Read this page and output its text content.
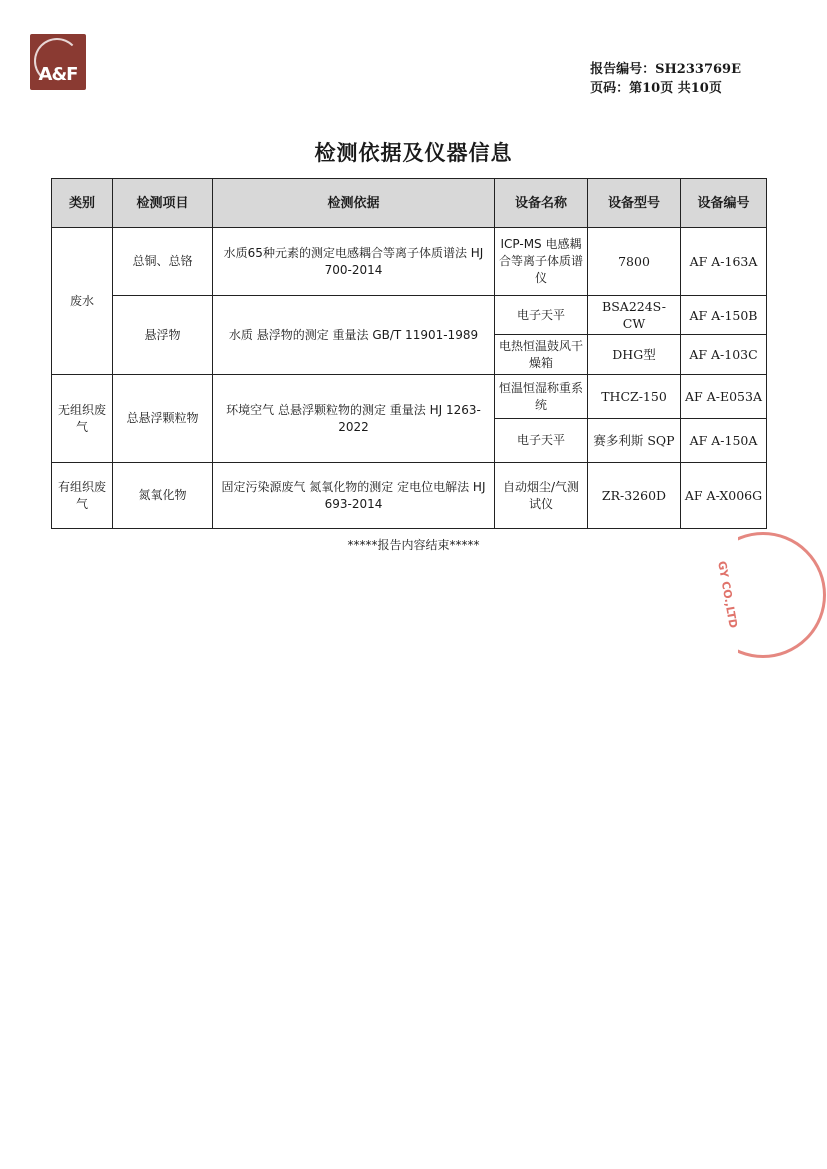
A&F	报告编号：SH233769E
页码：第10页 共10页
检测依据及仪器信息
类别	检测项目	检测依据	设备名称	设备型号	设备编号
废水	总铜、总铬	水质65种元素的测定电感耦合等离子体质谱法 HJ 700-2014	ICP-MS 电感耦合等离子体质谱仪	7800	AF A-163A
	悬浮物	水质 悬浮物的测定 重量法 GB/T 11901-1989	电子天平	BSA224S-CW	AF A-150B
			电热恒温鼓风干燥箱	DHG型	AF A-103C
无组织废气	总悬浮颗粒物	环境空气 总悬浮颗粒物的测定 重量法 HJ 1263-2022	恒温恒湿称重系统	THCZ-150	AF A-E053A
			电子天平	赛多利斯 SQP	AF A-150A
有组织废气	氮氧化物	固定污染源废气 氮氧化物的测定 定电位电解法 HJ 693-2014	自动烟尘/气测试仪	ZR-3260D	AF A-X006G
*****报告内容结束*****
GY CO.,LTD
